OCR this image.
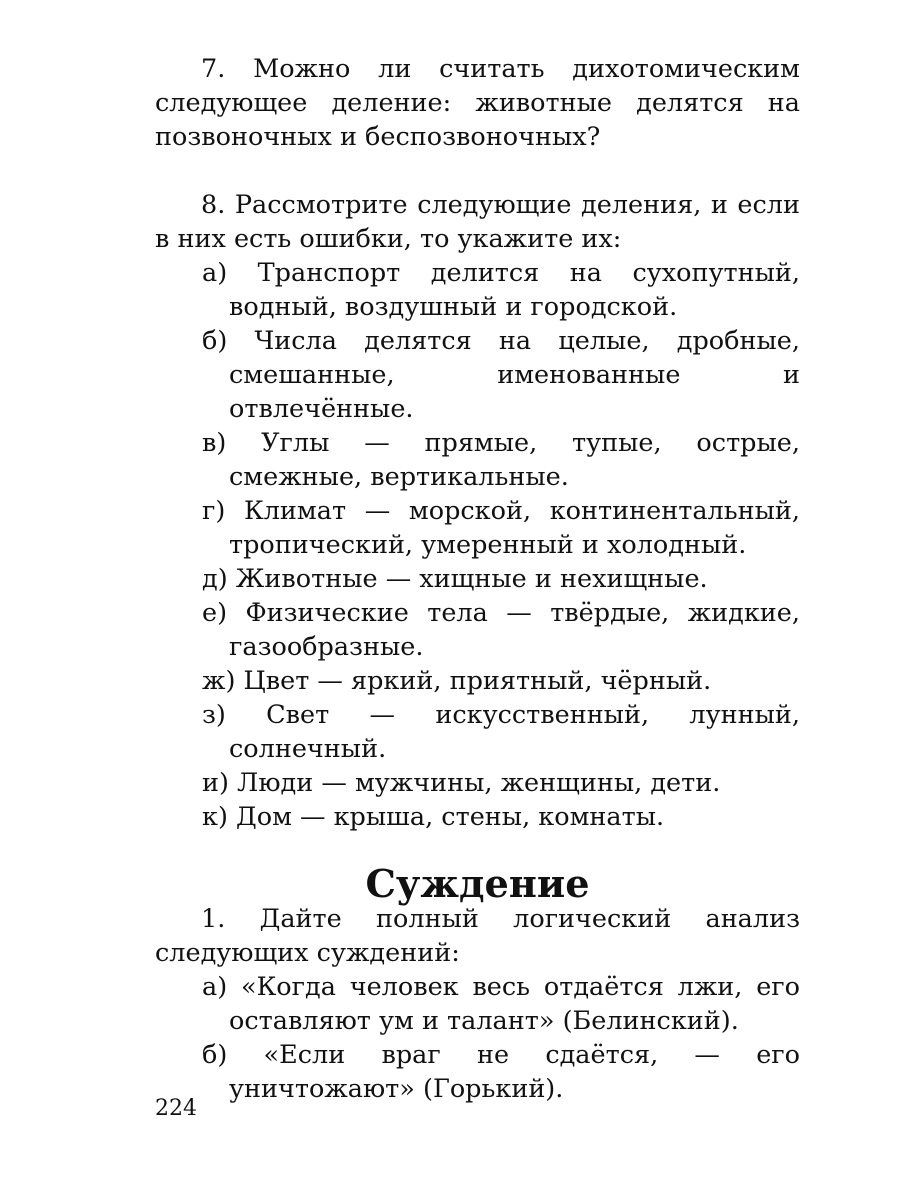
7. Можно ли считать дихотомическим следующее деление: животные делятся на позвоночных и беспозвоночных?

8. Рассмотрите следующие деления, и если в них есть ошибки, то укажите их:

а) Транспорт делится на сухопутный, водный, воздушный и городской.
б) Числа делятся на целые, дробные, смешанные, именованные и отвлечённые.
в) Углы — прямые, тупые, острые, смежные, вертикальные.
г) Климат — морской, континентальный, тропический, умеренный и холодный.
д) Животные — хищные и нехищные.
е) Физические тела — твёрдые, жидкие, газообразные.
ж) Цвет — яркий, приятный, чёрный.
з) Свет — искусственный, лунный, солнечный.
и) Люди — мужчины, женщины, дети.
к) Дом — крыша, стены, комнаты.
Суждение

1. Дайте полный логический анализ следующих суждений:

а) «Когда человек весь отдаётся лжи, его оставляют ум и талант» (Белинский).
б) «Если враг не сдаётся, — его уничтожают» (Горький).
224
